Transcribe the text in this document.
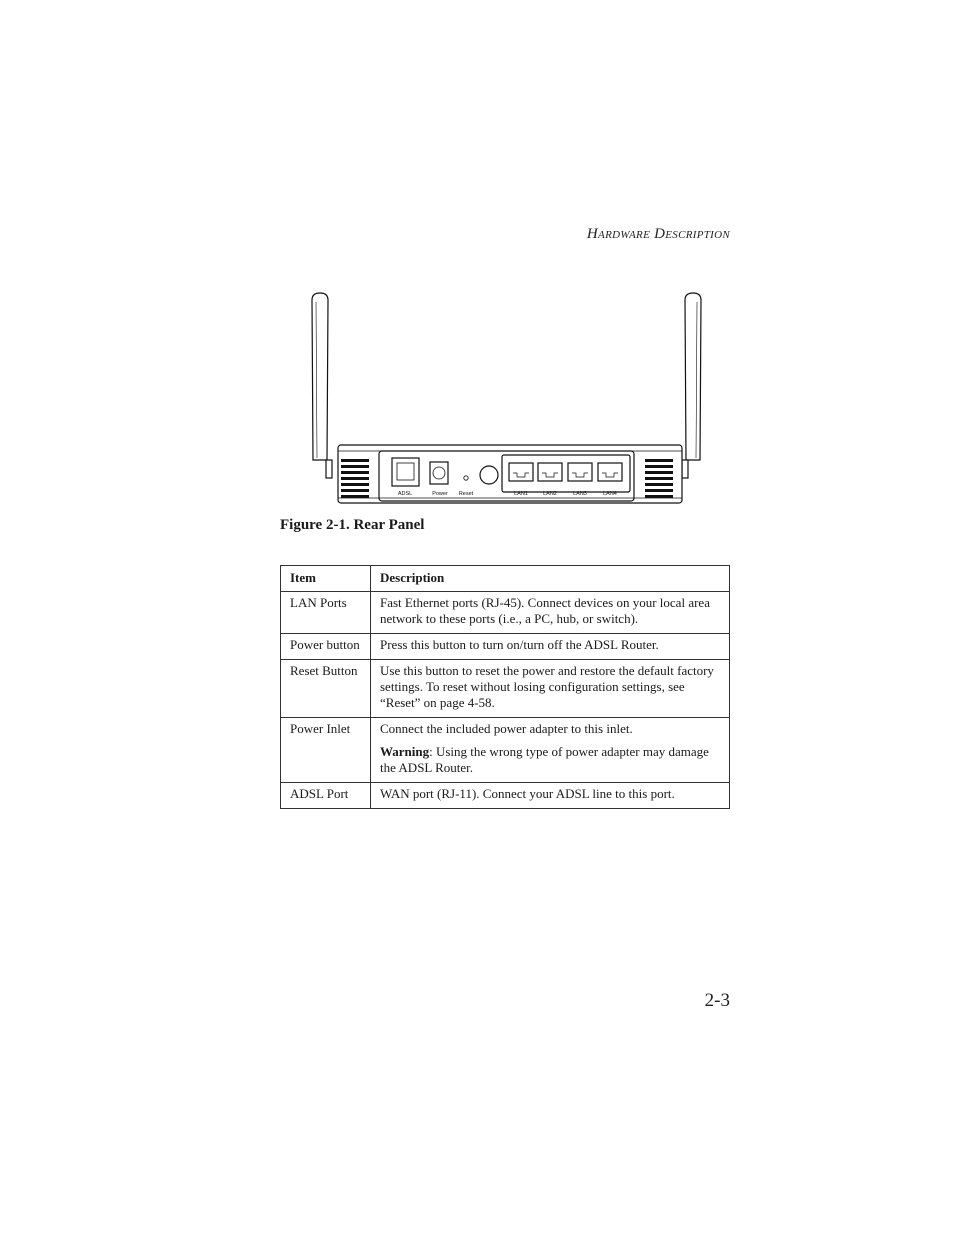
Hardware Description
ADSL	Power Reset	LAN1	LAN2	LAN3	LAN4
Figure 2-1. Rear Panel
Item	Description
LAN Ports	Fast Ethernet ports (RJ-45). Connect devices on your local area network to these ports (i.e., a PC, hub, or switch).
Power button	Press this button to turn on/turn off the ADSL Router.
Reset Button	Use this button to reset the power and restore the default factory settings. To reset without losing configuration settings, see “Reset” on page 4-58.
Power Inlet	Connect the included power adapter to this inlet.

Warning: Using the wrong type of power adapter may damage the ADSL Router.

ADSL Port	WAN port (RJ-11). Connect your ADSL line to this port.
2-3
